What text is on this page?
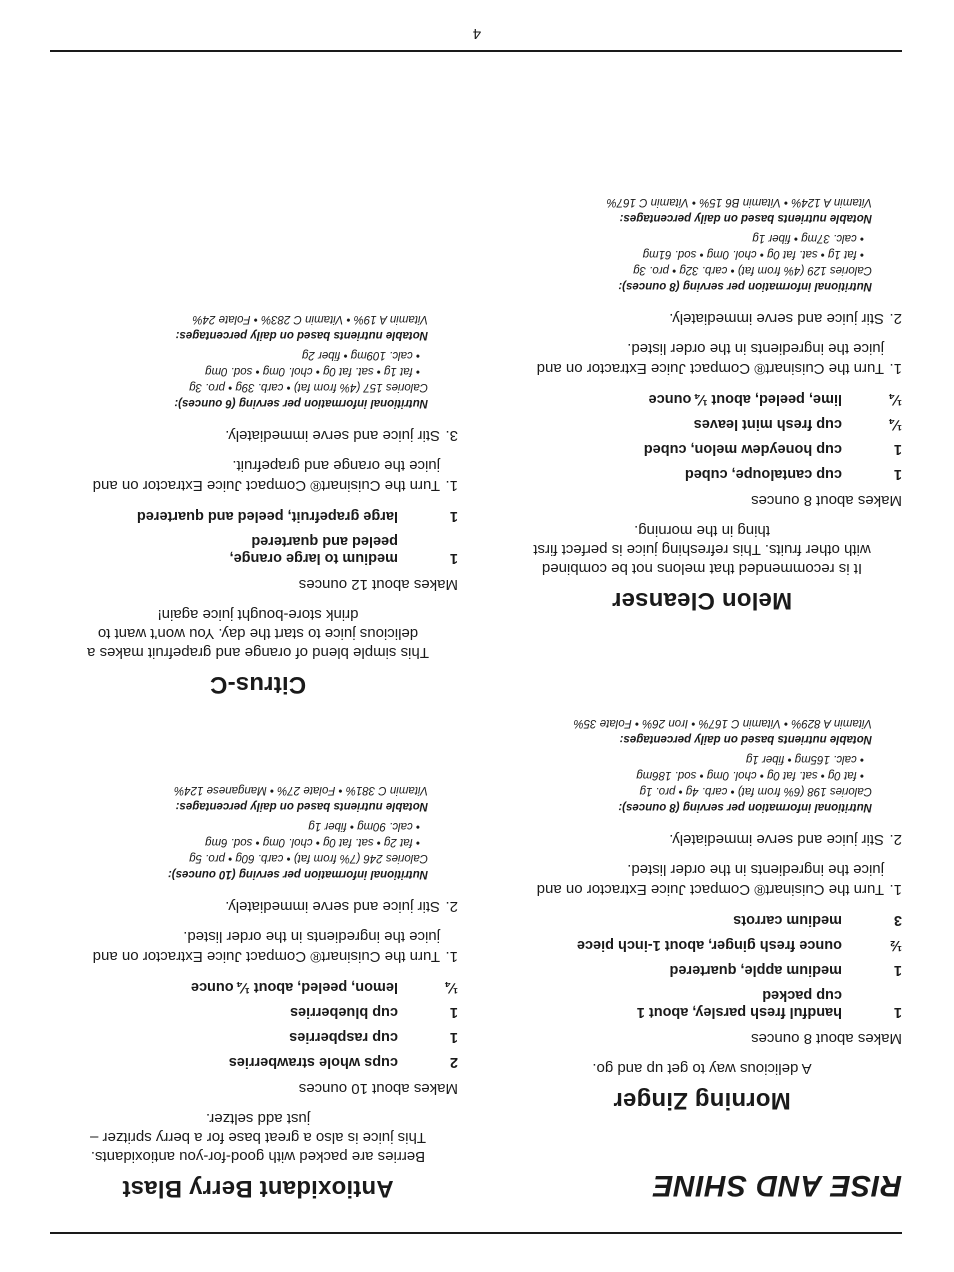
RISE AND SHINE
Morning Zinger
A delicious way to get up and go.
Makes about 8 ounces
1
handful fresh parsley, about 1 cup packed
1
medium apple, quartered
½
ounce fresh ginger, about 1-inch piece
3
medium carrots
1.
Turn the Cuisinart® Compact Juice Extractor on and juice the ingredients in the order listed.
2.
Stir juice and serve immediately.
Nutritional information per serving (8 ounces):
Calories 198 (6% from fat) • carb. 4g • pro. 1g
• fat 0g • sat. fat 0g • chol. 0mg • sod. 186mg
• calc. 165mg • fiber 1g
Notable nutrients based on daily percentages:
Vitamin A 829% • Vitamin C 167% • Iron 26% • Folate 35%
Melon Cleanser
It is recommended that melons not be combined with other fruits. This refreshing juice is perfect first thing in the morning.
Makes about 8 ounces
1
cup cantaloupe, cubed
1
cup honeydew melon, cubed
¼
cup fresh mint leaves
¼
lime, peeled, about ¼ ounce
1.
Turn the Cuisinart® Compact Juice Extractor on and juice the ingredients in the order listed.
2.
Stir juice and serve immediately.
Nutritional information per serving (8 ounces):
Calories 129 (4% from fat) • carb. 32g • pro. 3g
• fat 1g • sat. fat 0g • chol. 0mg • sod. 61mg
• calc. 37mg • fiber 1g
Notable nutrients based on daily percentages:
Vitamin A 124% • Vitamin B6 15% • Vitamin C 167%
Antioxidant Berry Blast
Berries are packed with good-for-you antioxidants. This juice is also a great base for a berry spritzer – just add seltzer.
Makes about 10 ounces
2
cups whole strawberries
1
cup raspberries
1
cup blueberries
¼
lemon, peeled, about ¼ ounce
1.
Turn the Cuisinart® Compact Juice Extractor on and juice the ingredients in the order listed.
2.
Stir juice and serve immediately.
Nutritional information per serving (10 ounces):
Calories 246 (7% from fat) • carb. 60g • pro. 5g
• fat 2g • sat. fat 0g • chol. 0mg • sod. 6mg
• calc. 90mg • fiber 1g
Notable nutrients based on daily percentages:
Vitamin C 381% • Folate 27% • Manganese 124%
Citrus-C
This simple blend of orange and grapefruit makes a delicious juice to start the day. You won't want to drink store-bought juice again!
Makes about 12 ounces
1
medium to large orange, peeled and quartered
1
large grapefruit, peeled and quartered
1.
Turn the Cuisinart® Compact Juice Extractor on and juice the orange and grapefruit.
3.
Stir juice and serve immediately.
Nutritional information per serving (6 ounces):
Calories 157 (4% from fat) • carb. 39g • pro. 3g
• fat 1g • sat. fat 0g • chol. 0mg • sod. 0mg
• calc. 109mg • fiber 2g
Notable nutrients based on daily percentages:
Vitamin A 19% • Vitamin C 283% • Folate 24%
4
